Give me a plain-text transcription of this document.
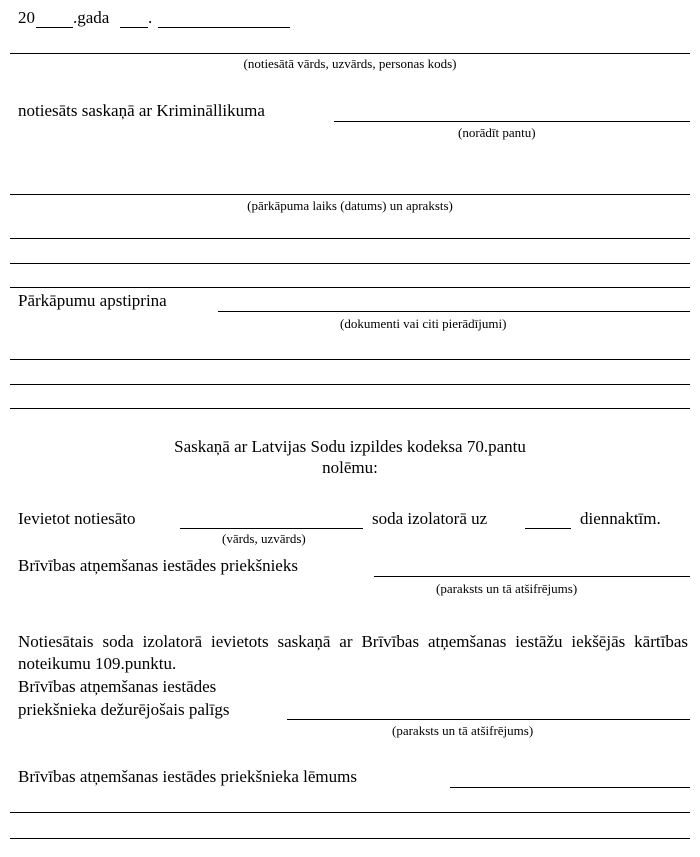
20 .gada .
(notiesātā vārds, uzvārds, personas kods)
notiesāts saskaņā ar Krimināllikuma
(norādīt pantu)
(pārkāpuma laiks (datums) un apraksts)
Pārkāpumu apstiprina
(dokumenti vai citi pierādījumi)
Saskaņā ar Latvijas Sodu izpildes kodeksa 70.pantu
nolēmu:
Ievietot notiesāto	soda izolatorā uz	diennaktīm.
(vārds, uzvārds)
Brīvības atņemšanas iestādes priekšnieks
(paraksts un tā atšifrējums)
Notiesātais soda izolatorā ievietots saskaņā ar Brīvības atņemšanas iestāžu iekšējās kārtības noteikumu 109.punktu.
Brīvības atņemšanas iestādes
priekšnieka dežurējošais palīgs
(paraksts un tā atšifrējums)
Brīvības atņemšanas iestādes priekšnieka lēmums
